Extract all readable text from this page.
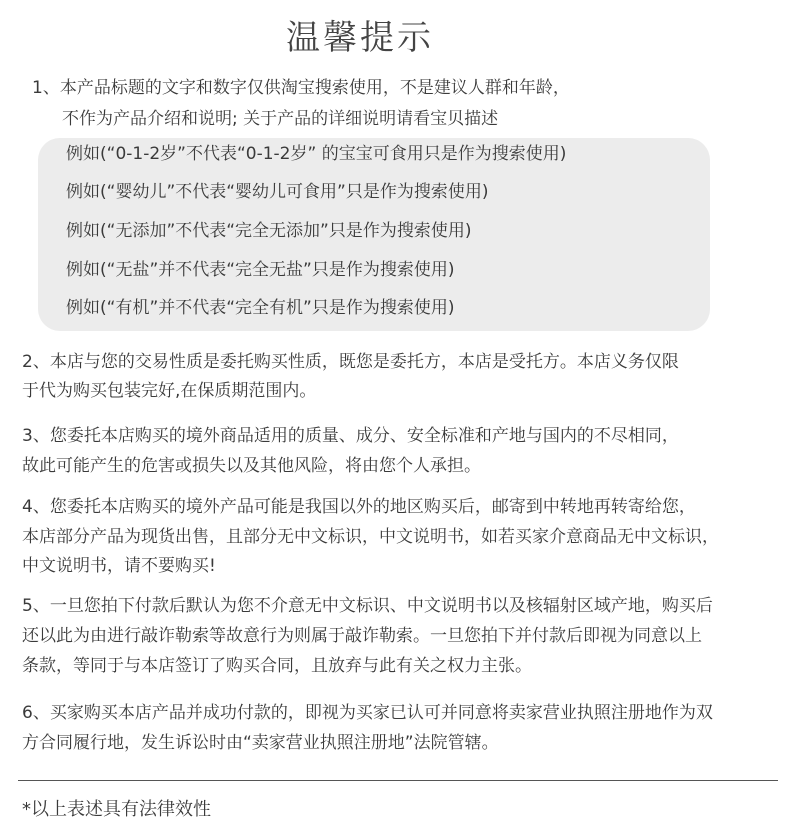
温馨提示
1、本产品标题的文字和数字仅供淘宝搜索使用，不是建议人群和年龄，
不作为产品介绍和说明; 关于产品的详细说明请看宝贝描述
例如(“0-1-2岁”不代表“0-1-2岁” 的宝宝可食用只是作为搜索使用)
例如(“婴幼儿”不代表“婴幼儿可食用”只是作为搜索使用)
例如(“无添加”不代表“完全无添加”只是作为搜索使用)
例如(“无盐”并不代表“完全无盐”只是作为搜索使用)
例如(“有机”并不代表“完全有机”只是作为搜索使用)
2、本店与您的交易性质是委托购买性质，既您是委托方，本店是受托方。本店义务仅限
于代为购买包装完好,在保质期范围内。
3、您委托本店购买的境外商品适用的质量、成分、安全标准和产地与国内的不尽相同，
故此可能产生的危害或损失以及其他风险，将由您个人承担。
4、您委托本店购买的境外产品可能是我国以外的地区购买后，邮寄到中转地再转寄给您，
本店部分产品为现货出售，且部分无中文标识，中文说明书，如若买家介意商品无中文标识，
中文说明书，请不要购买!
5、一旦您拍下付款后默认为您不介意无中文标识、中文说明书以及核辐射区域产地，购买后
还以此为由进行敲诈勒索等故意行为则属于敲诈勒索。一旦您拍下并付款后即视为同意以上
条款，等同于与本店签订了购买合同，且放弃与此有关之权力主张。
6、买家购买本店产品并成功付款的，即视为买家已认可并同意将卖家营业执照注册地作为双
方合同履行地，发生诉讼时由“卖家营业执照注册地”法院管辖。
*以上表述具有法律效性
